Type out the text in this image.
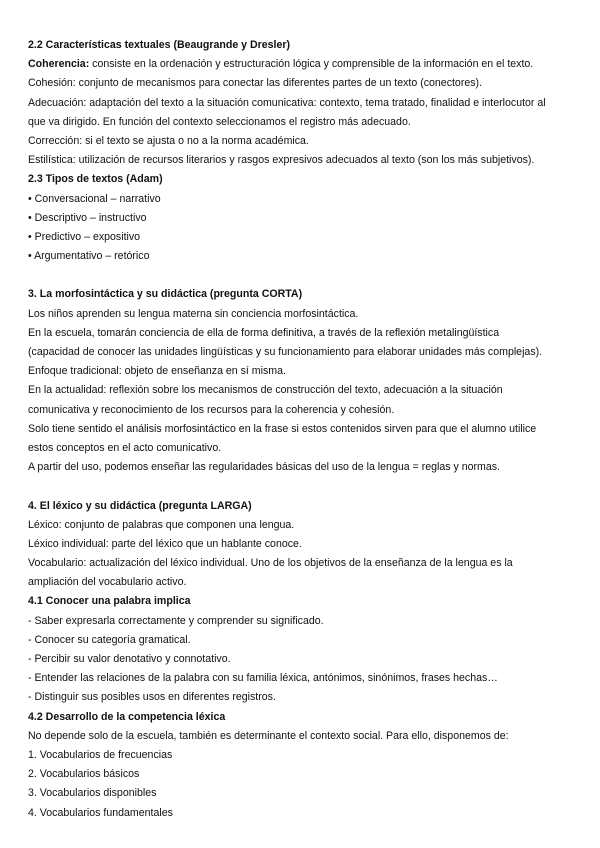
2.2 Características textuales (Beaugrande y Dresler)
Coherencia: consiste en la ordenación y estructuración lógica y comprensible de la información en el texto.
Cohesión: conjunto de mecanismos para conectar las diferentes partes de un texto (conectores).
Adecuación: adaptación del texto a la situación comunicativa: contexto, tema tratado, finalidad e interlocutor al
que va dirigido. En función del contexto seleccionamos el registro más adecuado.
Corrección: si el texto se ajusta o no a la norma académica.
Estilística: utilización de recursos literarios y rasgos expresivos adecuados al texto (son los más subjetivos).
2.3 Tipos de textos (Adam)
• Conversacional – narrativo
• Descriptivo – instructivo
• Predictivo – expositivo
• Argumentativo – retórico
3. La morfosintáctica y su didáctica (pregunta CORTA)
Los niños aprenden su lengua materna sin conciencia morfosintáctica.
En la escuela, tomarán conciencia de ella de forma definitiva, a través de la reflexión metalingüística
(capacidad de conocer las unidades lingüísticas y su funcionamiento para elaborar unidades más complejas).
Enfoque tradicional: objeto de enseñanza en sí misma.
En la actualidad: reflexión sobre los mecanismos de construcción del texto, adecuación a la situación
comunicativa y reconocimiento de los recursos para la coherencia y cohesión.
Solo tiene sentido el análisis morfosintáctico en la frase si estos contenidos sirven para que el alumno utilice
estos conceptos en el acto comunicativo.
A partir del uso, podemos enseñar las regularidades básicas del uso de la lengua = reglas y normas.
4. El léxico y su didáctica (pregunta LARGA)
Léxico: conjunto de palabras que componen una lengua.
Léxico individual: parte del léxico que un hablante conoce.
Vocabulario: actualización del léxico individual. Uno de los objetivos de la enseñanza de la lengua es la
ampliación del vocabulario activo.
4.1 Conocer una palabra implica
- Saber expresarla correctamente y comprender su significado.
- Conocer su categoría gramatical.
- Percibir su valor denotativo y connotativo.
- Entender las relaciones de la palabra con su familia léxica, antónimos, sinónimos, frases hechas…
- Distinguir sus posibles usos en diferentes registros.
4.2 Desarrollo de la competencia léxica
No depende solo de la escuela, también es determinante el contexto social. Para ello, disponemos de:
1. Vocabularios de frecuencias
2. Vocabularios básicos
3. Vocabularios disponibles
4. Vocabularios fundamentales
